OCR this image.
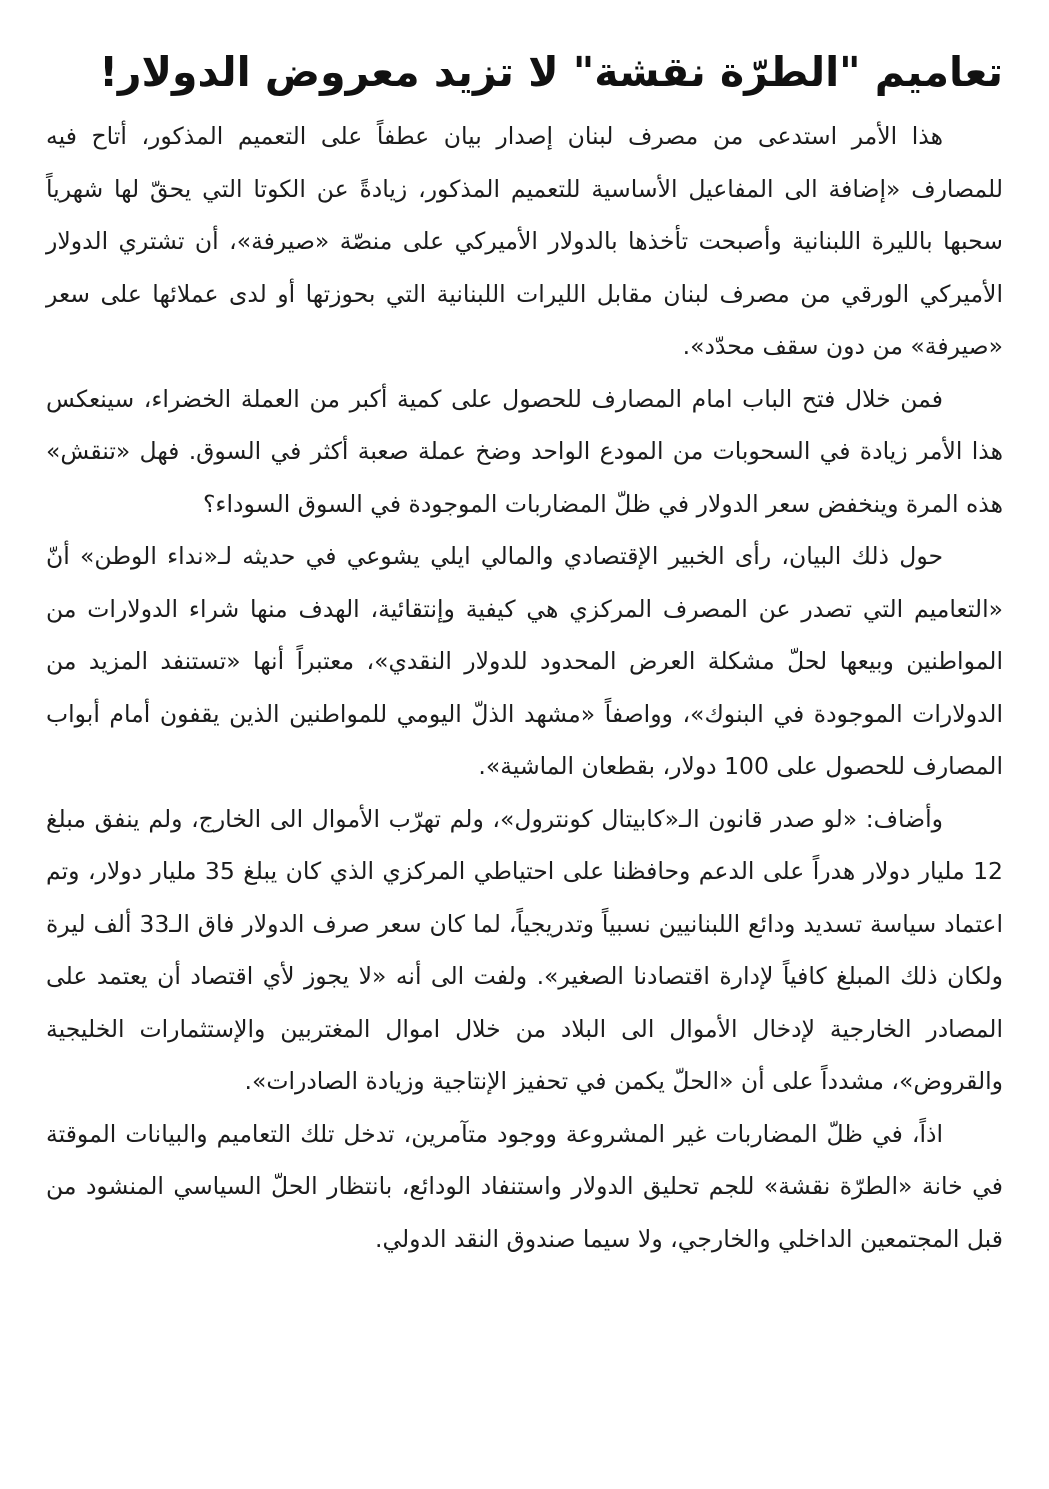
تعاميم "الطرّة نقشة" لا تزيد معروض الدولار!

هذا الأمر استدعى من مصرف لبنان إصدار بيان عطفاً على التعميم المذكور، أتاح فيه للمصارف «إضافة الى المفاعيل الأساسية للتعميم المذكور، زيادةً عن الكوتا التي يحقّ لها شهرياً سحبها بالليرة اللبنانية وأصبحت تأخذها بالدولار الأميركي على منصّة «صيرفة»، أن تشتري الدولار الأميركي الورقي من مصرف لبنان مقابل الليرات اللبنانية التي بحوزتها أو لدى عملائها على سعر «صيرفة» من دون سقف محدّد».

فمن خلال فتح الباب امام المصارف للحصول على كمية أكبر من العملة الخضراء، سينعكس هذا الأمر زيادة في السحوبات من المودع الواحد وضخ عملة صعبة أكثر في السوق. فهل «تنقش» هذه المرة وينخفض سعر الدولار في ظلّ المضاربات الموجودة في السوق السوداء؟

حول ذلك البيان، رأى الخبير الإقتصادي والمالي ايلي يشوعي في حديثه لـ«نداء الوطن» أنّ «التعاميم التي تصدر عن المصرف المركزي هي كيفية وإنتقائية، الهدف منها شراء الدولارات من المواطنين وبيعها لحلّ مشكلة العرض المحدود للدولار النقدي»، معتبراً أنها «تستنفد المزيد من الدولارات الموجودة في البنوك»، وواصفاً «مشهد الذلّ اليومي للمواطنين الذين يقفون أمام أبواب المصارف للحصول على 100 دولار، بقطعان الماشية».

وأضاف: «لو صدر قانون الـ«كابيتال كونترول»، ولم تهرّب الأموال الى الخارج، ولم ينفق مبلغ 12 مليار دولار هدراً على الدعم وحافظنا على احتياطي المركزي الذي كان يبلغ 35 مليار دولار، وتم اعتماد سياسة تسديد ودائع اللبنانيين نسبياً وتدريجياً، لما كان سعر صرف الدولار فاق الـ33 ألف ليرة ولكان ذلك المبلغ كافياً لإدارة اقتصادنا الصغير». ولفت الى أنه «لا يجوز لأي اقتصاد أن يعتمد على المصادر الخارجية لإدخال الأموال الى البلاد من خلال اموال المغتربين والإستثمارات الخليجية والقروض»، مشدداً على أن «الحلّ يكمن في تحفيز الإنتاجية وزيادة الصادرات».

اذاً، في ظلّ المضاربات غير المشروعة ووجود متآمرين، تدخل تلك التعاميم والبيانات الموقتة في خانة «الطرّة نقشة» للجم تحليق الدولار واستنفاد الودائع، بانتظار الحلّ السياسي المنشود من قبل المجتمعين الداخلي والخارجي، ولا سيما صندوق النقد الدولي.
